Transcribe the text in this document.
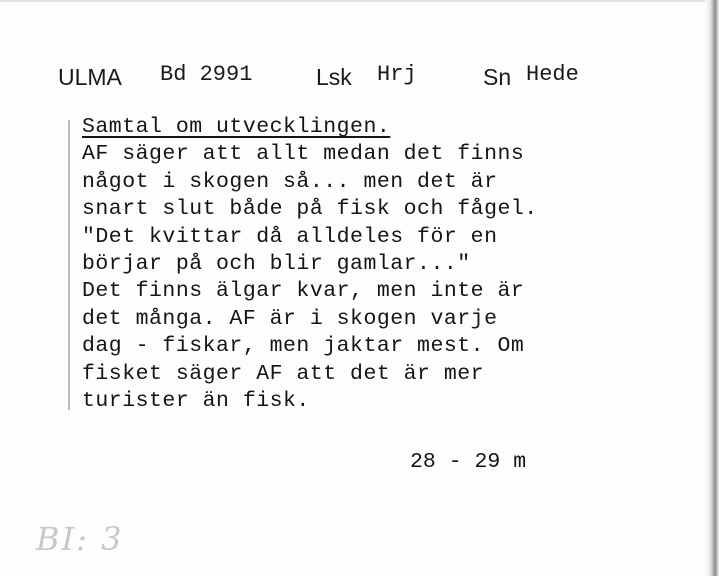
ULMA Bd 2991	Lsk Hrj	Sn Hede
Samtal om utvecklingen.
AF säger att allt medan det finns
något i skogen så... men det är
snart slut både på fisk och fågel.
"Det kvittar då alldeles för en
börjar på och blir gamlar..."
Det finns älgar kvar, men inte är
det många. AF är i skogen varje
dag - fiskar, men jaktar mest. Om
fisket säger AF att det är mer
turister än fisk.
28 - 29 m
BI: 3
